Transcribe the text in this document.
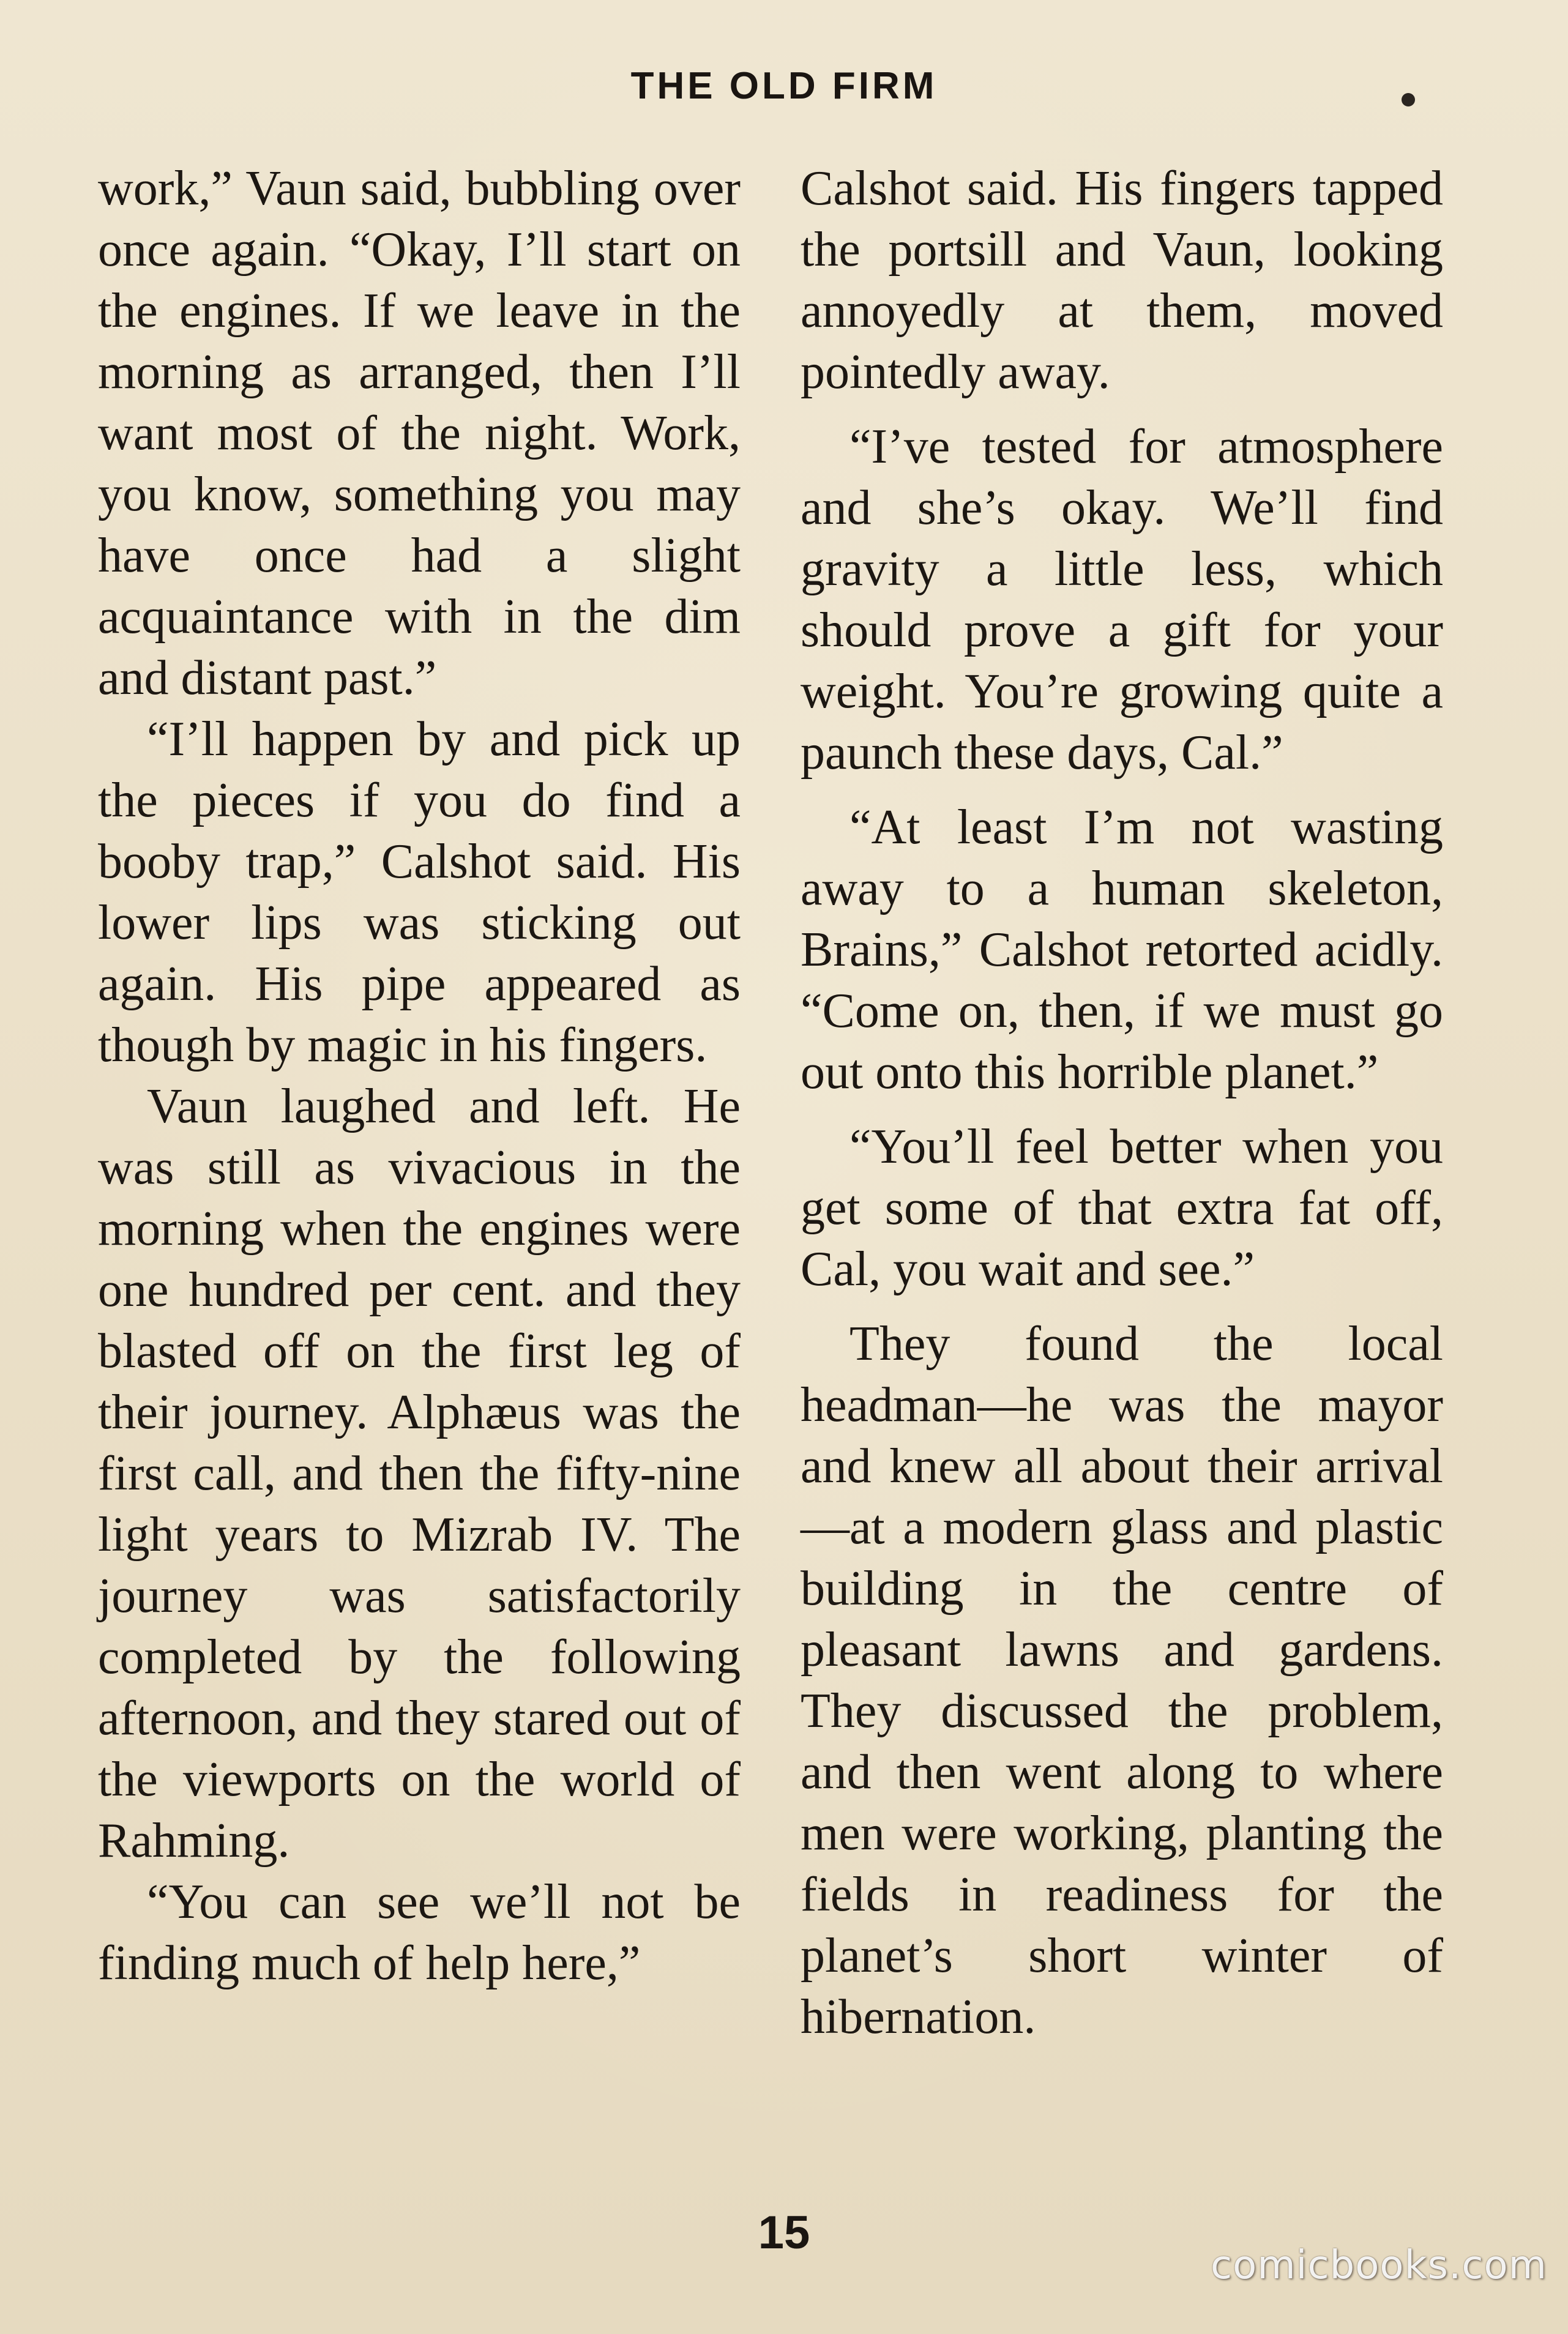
THE OLD FIRM

work,” Vaun said, bubbling over once again. “Okay, I’ll start on the engines. If we leave in the morning as arranged, then I’ll want most of the night. Work, you know, something you may have once had a slight acquaintance with in the dim and distant past.”

“I’ll happen by and pick up the pieces if you do find a booby trap,” Calshot said. His lower lips was sticking out again. His pipe appeared as though by magic in his fingers.

Vaun laughed and left. He was still as vivacious in the morning when the engines were one hundred per cent. and they blasted off on the first leg of their journey. Alphæus was the first call, and then the fifty-nine light years to Mizrab IV. The journey was satisfactorily completed by the following afternoon, and they stared out of the viewports on the world of Rahming.

“You can see we’ll not be finding much of help here,”

Calshot said. His fingers tapped the portsill and Vaun, looking annoyedly at them, moved pointedly away.

“I’ve tested for atmosphere and she’s okay. We’ll find gravity a little less, which should prove a gift for your weight. You’re growing quite a paunch these days, Cal.”

“At least I’m not wasting away to a human skeleton, Brains,” Calshot retorted acidly. “Come on, then, if we must go out onto this horrible planet.”

“You’ll feel better when you get some of that extra fat off, Cal, you wait and see.”

They found the local headman—he was the mayor and knew all about their arrival—at a modern glass and plastic building in the centre of pleasant lawns and gardens. They discussed the problem, and then went along to where men were working, planting the fields in readiness for the planet’s short winter of hibernation.

15
comicbooks.com
